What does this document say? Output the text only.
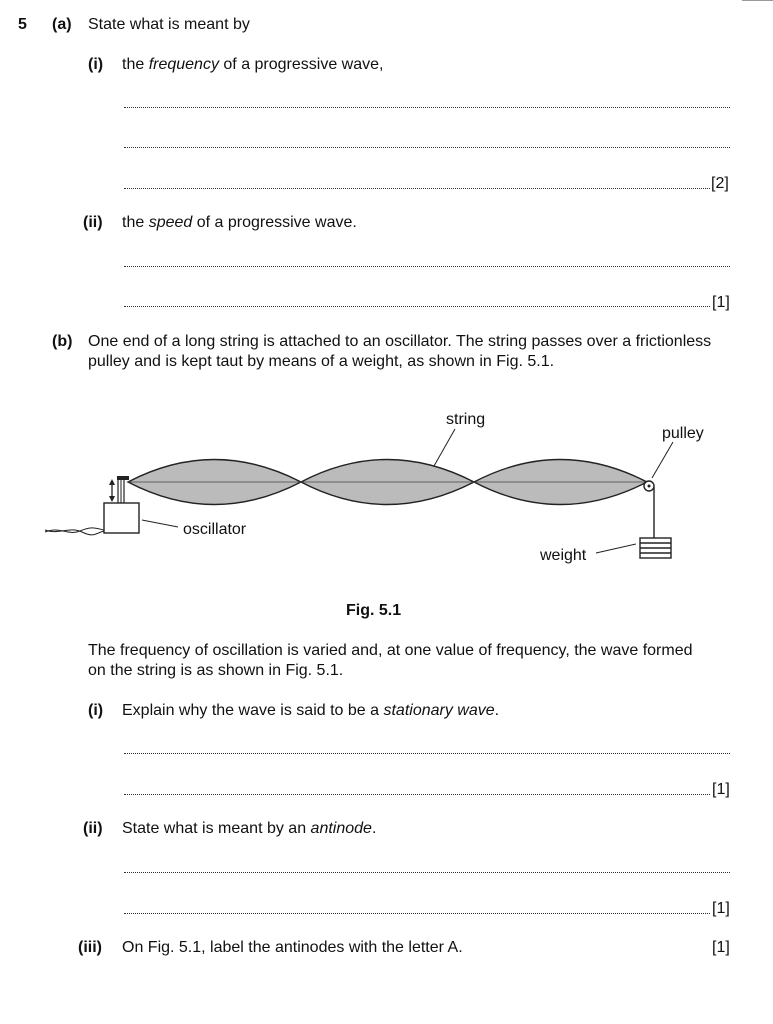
5 (a) State what is meant by
(i) the frequency of a progressive wave,
[2]
(ii) the speed of a progressive wave.
[1]
(b) One end of a long string is attached to an oscillator. The string passes over a frictionless
pulley and is kept taut by means of a weight, as shown in Fig. 5.1.
string
pulley
oscillator
weight
Fig. 5.1
The frequency of oscillation is varied and, at one value of frequency, the wave formed
on the string is as shown in Fig. 5.1.
(i) Explain why the wave is said to be a stationary wave.
[1]
(ii) State what is meant by an antinode.
[1]
(iii) On Fig. 5.1, label the antinodes with the letter A.	[1]
